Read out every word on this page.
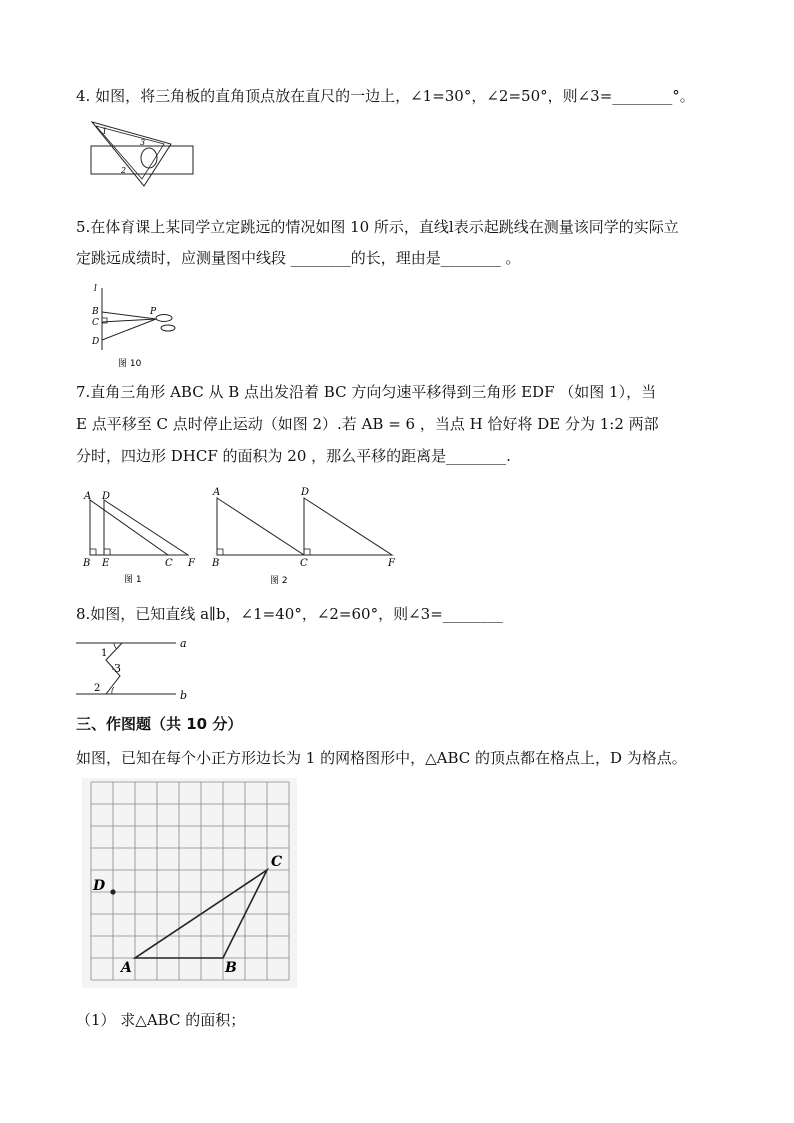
4. 如图，将三角板的直角顶点放在直尺的一边上，∠1=30°，∠2=50°，则∠3=________°。
1
2
3
5.在体育课上某同学立定跳远的情况如图 10 所示，直线l表示起跳线在测量该同学的实际立
定跳远成绩时，应测量图中线段 ________的长，理由是________ 。
l
B
C
D
P
图 10
7.直角三角形 ABC 从 B 点出发沿着 BC 方向匀速平移得到三角形 EDF （如图 1），当
E 点平移至 C 点时停止运动（如图 2）.若 AB = 6 ，当点 H 恰好将 DE 分为 1:2 两部
分时，四边形 DHCF 的面积为 20 ，那么平移的距离是________.
A D
B E	C F
图 1
A	D
B	C	F
图 2
8.如图，已知直线 a∥b，∠1=40°，∠2=60°，则∠3=________
a
b
1
3
2
三、作图题（共 10 分）
如图，已知在每个小正方形边长为 1 的网格图形中，△ABC 的顶点都在格点上，D 为格点。
A	B
C
D
（1） 求△ABC 的面积；
